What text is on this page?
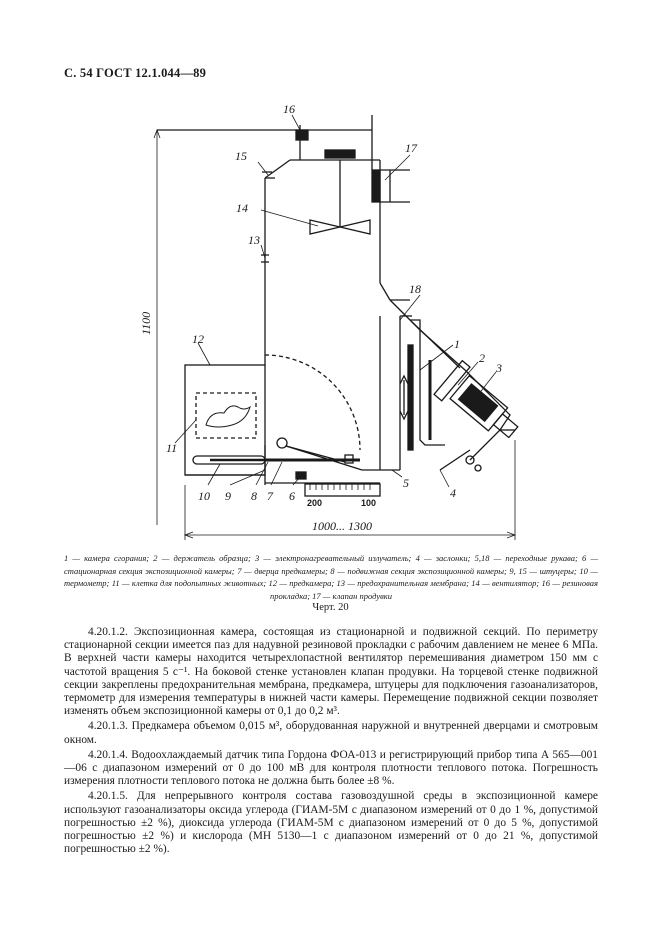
С. 54 ГОСТ 12.1.044—89
16
15
14
13
17
18
12	1
2
3
11
10 9 8 7 6
5
4
1100
1000... 1300
200	100
1 — камера сгорания; 2 — держатель образца; 3 — электронагревательный излучатель; 4 — заслонки; 5,18 — переходные рукава; 6 — стационарная секция экспозиционной камеры; 7 — дверца предкамеры; 8 — подвижная секция экспозиционной камеры; 9, 15 — штуцеры; 10 — термометр; 11 — клетка для подопытных животных; 12 — предкамера; 13 — предохранительная мембрана; 14 — вентилятор; 16 — резиновая прокладка; 17 — клапан продувки
Черт. 20

4.20.1.2. Экспозиционная камера, состоящая из стационарной и подвижной секций. По периметру стационарной секции имеется паз для надувной резиновой прокладки с рабочим давлением не менее 6 МПа. В верхней части камеры находится четырехлопастной вентилятор перемешивания диаметром 150 мм с частотой вращения 5 с⁻¹. На боковой стенке установлен клапан продувки. На торцевой стенке подвижной секции закреплены предохранительная мембрана, предкамера, штуцеры для подключения газоанализаторов, термометр для измерения температуры в нижней части камеры. Перемещение подвижной секции позволяет изменять объем экспозиционной камеры от 0,1 до 0,2 м³.

4.20.1.3. Предкамера объемом 0,015 м³, оборудованная наружной и внутренней дверцами и смотровым окном.

4.20.1.4. Водоохлаждаемый датчик типа Гордона ФОА-013 и регистрирующий прибор типа А 565—001—06 с диапазоном измерений от 0 до 100 мВ для контроля плотности теплового потока. Погрешность измерения плотности теплового потока не должна быть более ±8 %.

4.20.1.5. Для непрерывного контроля состава газовоздушной среды в экспозиционной камере используют газоанализаторы оксида углерода (ГИАМ-5М с диапазоном измерений от 0 до 1 %, допустимой погрешностью ±2 %), диоксида углерода (ГИАМ-5М с диапазоном измерений от 0 до 5 %, допустимой погрешностью ±2 %) и кислорода (МН 5130—1 с диапазоном измерений от 0 до 21 %, допустимой погрешностью ±2 %).
